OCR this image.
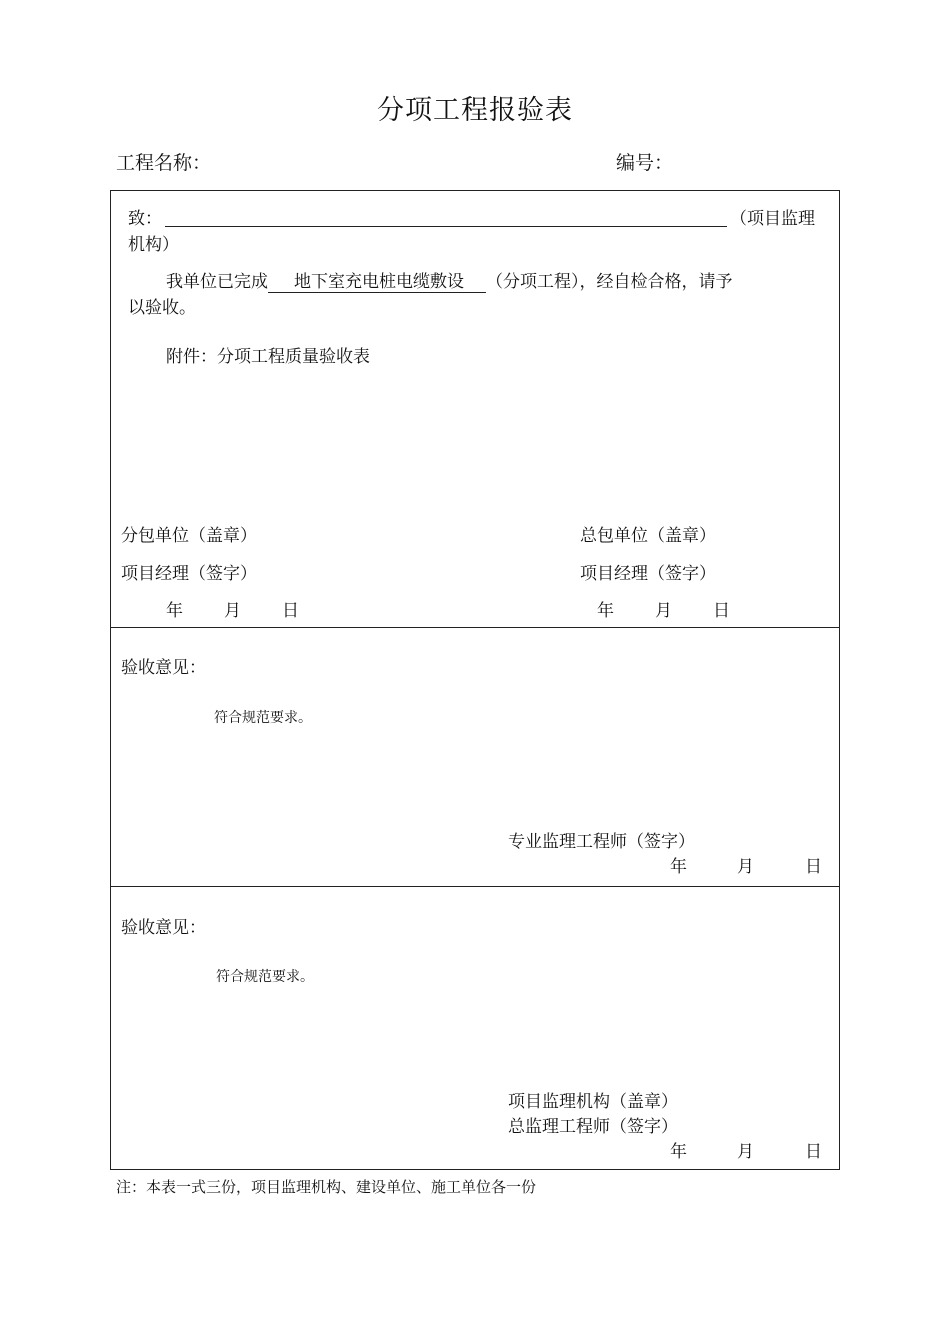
分项工程报验表
工程名称：	编号：
致：	（项目监理
机构）
我单位已完成 地下室充电桩电缆敷设 （分项工程），经自检合格，请予
以验收。
附件：分项工程质量验收表
分包单位（盖章）	总包单位（盖章）
项目经理（签字）	项目经理（签字）
年 月 日	年 月 日
验收意见：
符合规范要求。
专业监理工程师（签字）
年	月	日
验收意见：
符合规范要求。
项目监理机构（盖章）
总监理工程师（签字）
年	月	日
注：本表一式三份，项目监理机构、建设单位、施工单位各一份
